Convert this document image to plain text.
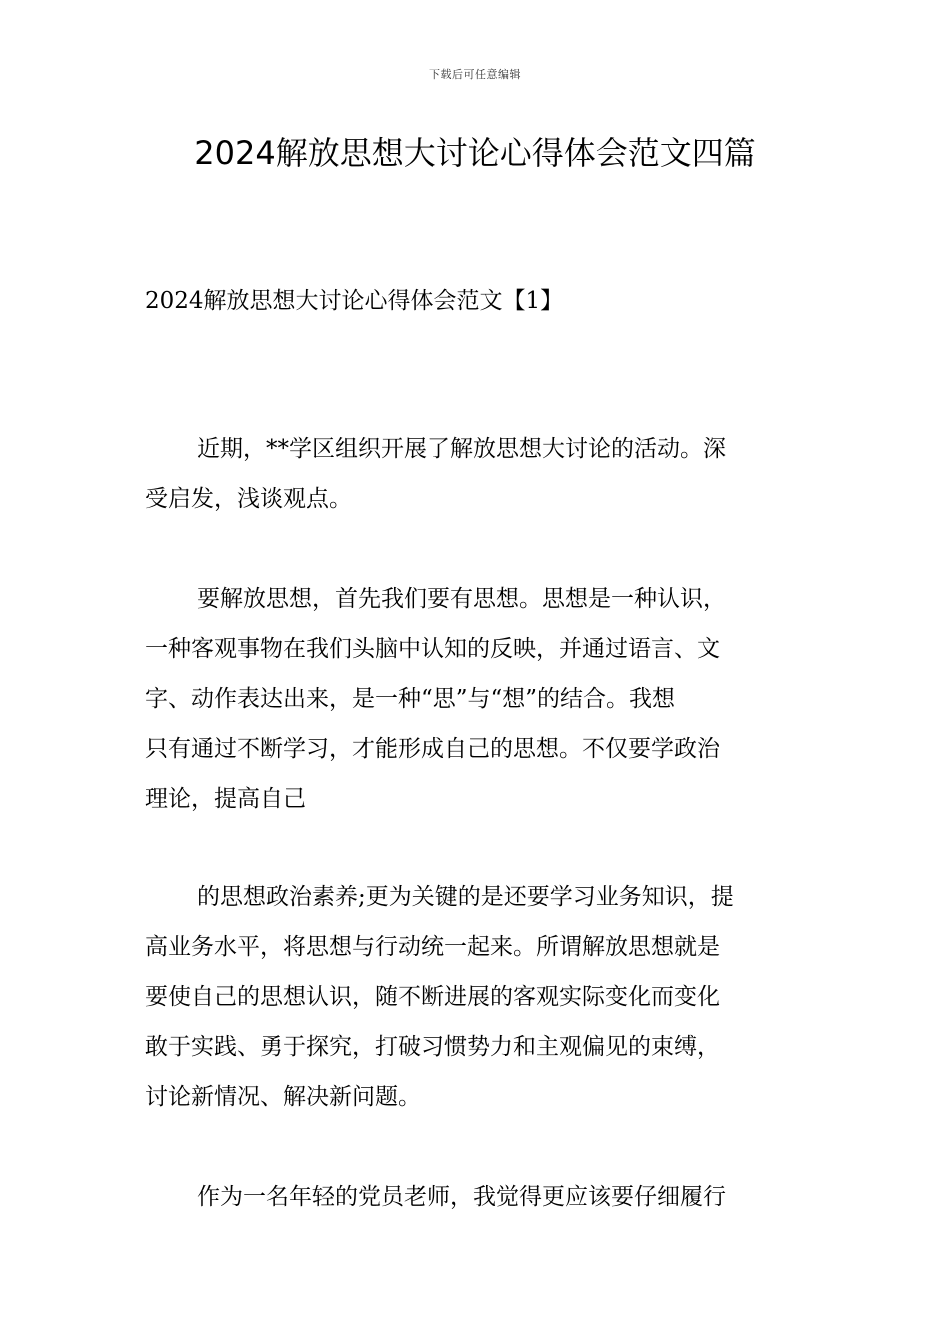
下载后可任意编辑
2024解放思想大讨论心得体会范文四篇
2024解放思想大讨论心得体会范文【1】

近期，**学区组织开展了解放思想大讨论的活动。深
受启发，浅谈观点。

要解放思想，首先我们要有思想。思想是一种认识，
一种客观事物在我们头脑中认知的反映，并通过语言、文
字、动作表达出来，是一种“思”与“想”的结合。我想
只有通过不断学习，才能形成自己的思想。不仅要学政治
理论，提高自己

的思想政治素养;更为关键的是还要学习业务知识，提
高业务水平，将思想与行动统一起来。所谓解放思想就是
要使自己的思想认识，随不断进展的客观实际变化而变化
敢于实践、勇于探究，打破习惯势力和主观偏见的束缚，
讨论新情况、解决新问题。

作为一名年轻的党员老师，我觉得更应该要仔细履行
